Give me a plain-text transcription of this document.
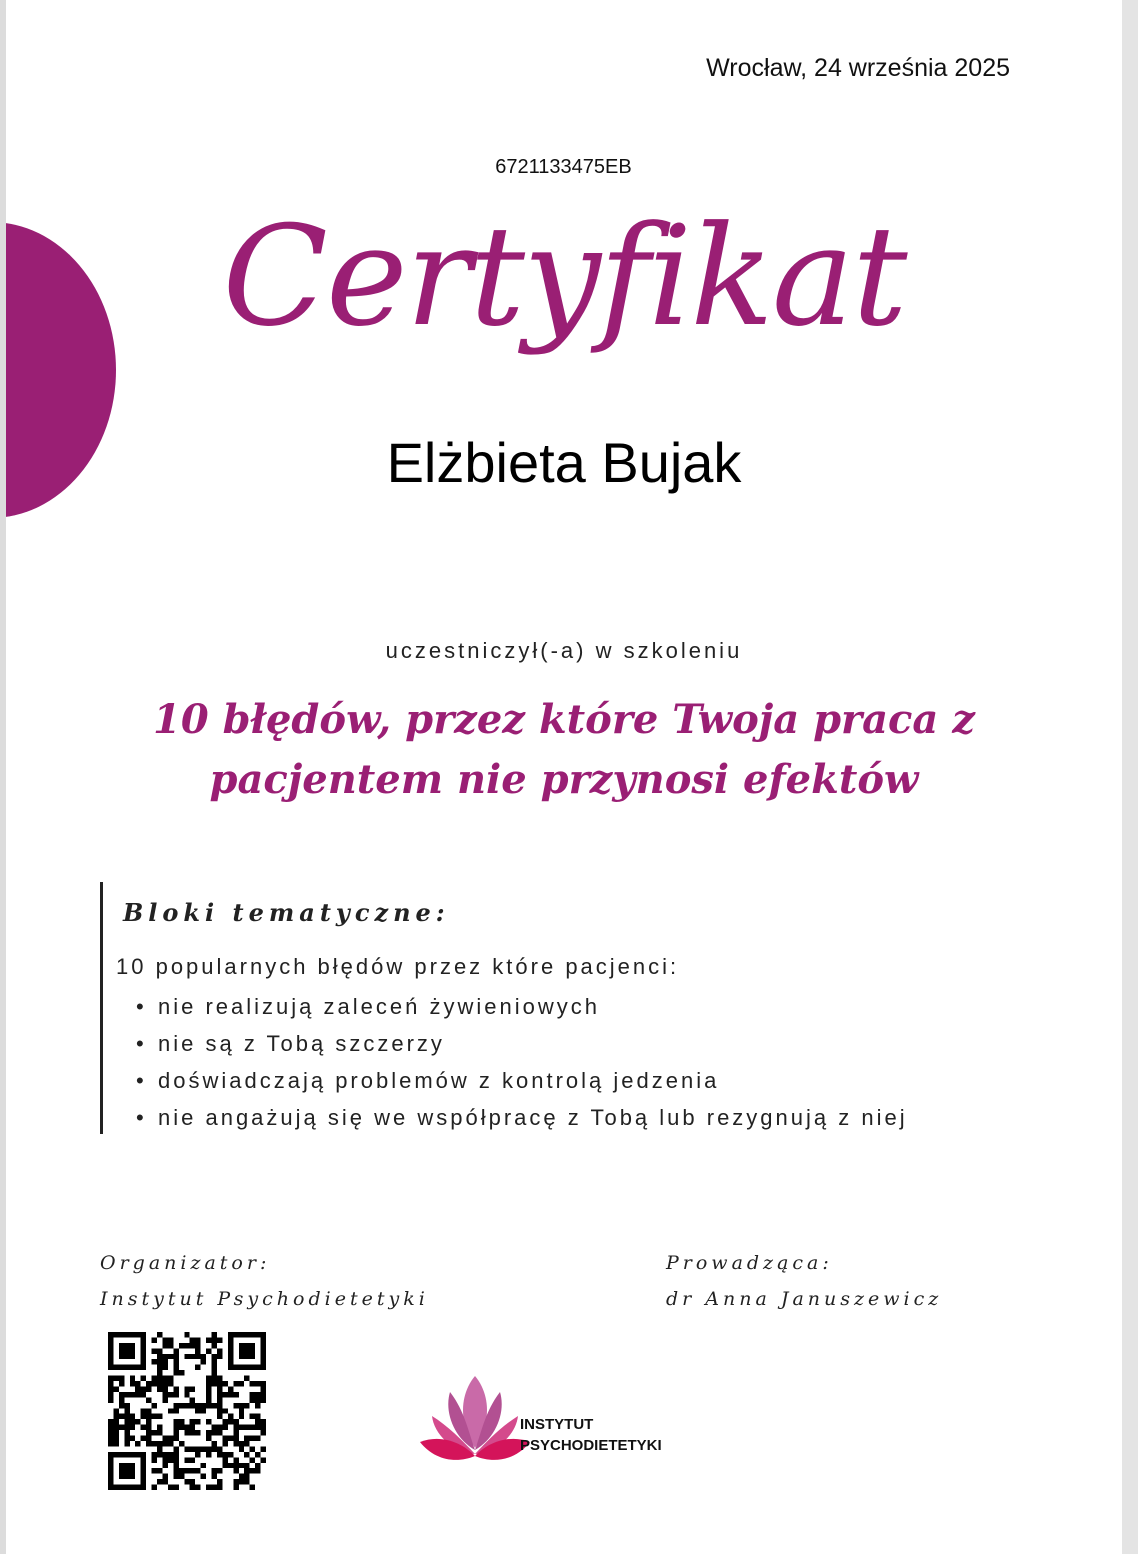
Wrocław, 24 września 2025
6721133475EB
Certyfikat
Elżbieta Bujak
uczestniczył(-a) w szkoleniu
10 błędów, przez które Twoja praca z pacjentem nie przynosi efektów
Bloki tematyczne:
10 popularnych błędów przez które pacjenci:
• nie realizują zaleceń żywieniowych
• nie są z Tobą szczerzy
• doświadczają problemów z kontrolą jedzenia
• nie angażują się we współpracę z Tobą lub rezygnują z niej
Organizator:
Instytut Psychodietetyki
Prowadząca:
dr Anna Januszewicz
INSTYTUT
PSYCHODIETETYKI
